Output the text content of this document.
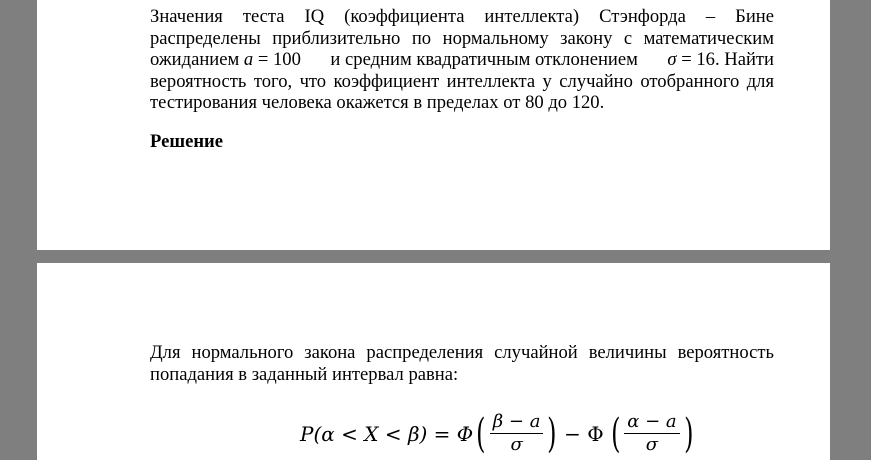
Значения теста IQ (коэффициента интеллекта) Стэнфорда – Бине
распределены приблизительно по нормальному закону с математическим
ожиданием a = 100 и средним квадратичным отклонением σ = 16. Найти
вероятность того, что коэффициент интеллекта у случайно отобранного для
тестирования человека окажется в пределах от 80 до 120.
Решение
Для нормального закона распределения случайной величины вероятность
попадания в заданный интервал равна:
P(α < X < β) = Φ ( $\frac{\beta - a}{\sigma}$ ) − Φ ( $\frac{\alpha - a}{\sigma}$ )
